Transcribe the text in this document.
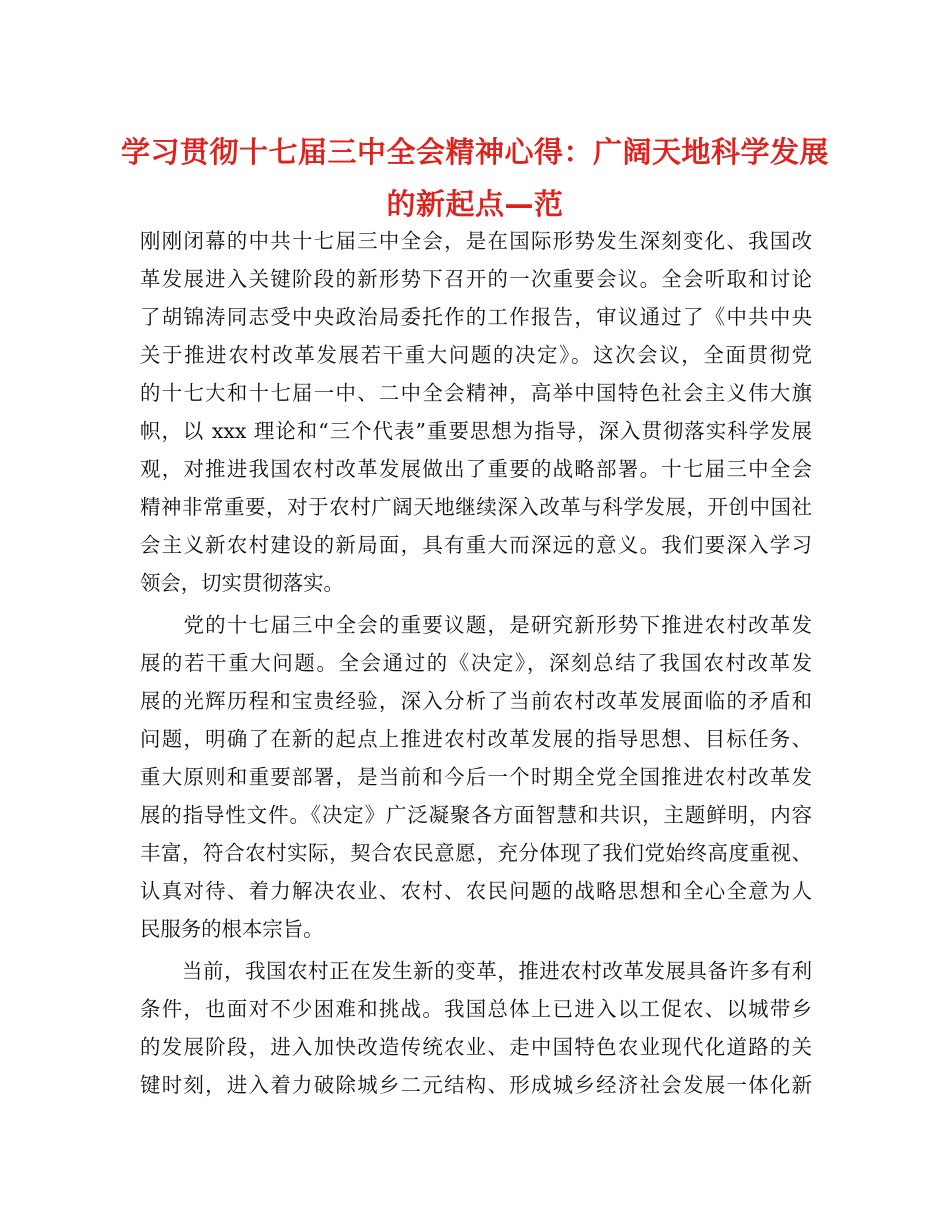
学习贯彻十七届三中全会精神心得：广阔天地科学发展
的新起点—范
刚刚闭幕的中共十七届三中全会，是在国际形势发生深刻变化、我国改
革发展进入关键阶段的新形势下召开的一次重要会议。全会听取和讨论
了胡锦涛同志受中央政治局委托作的工作报告，审议通过了《中共中央
关于推进农村改革发展若干重大问题的决定》。这次会议，全面贯彻党
的十七大和十七届一中、二中全会精神，高举中国特色社会主义伟大旗
帜，以 xxx 理论和“三个代表”重要思想为指导，深入贯彻落实科学发展
观，对推进我国农村改革发展做出了重要的战略部署。十七届三中全会
精神非常重要，对于农村广阔天地继续深入改革与科学发展，开创中国社
会主义新农村建设的新局面，具有重大而深远的意义。我们要深入学习
领会，切实贯彻落实。
　　党的十七届三中全会的重要议题，是研究新形势下推进农村改革发
展的若干重大问题。全会通过的《决定》，深刻总结了我国农村改革发
展的光辉历程和宝贵经验，深入分析了当前农村改革发展面临的矛盾和
问题，明确了在新的起点上推进农村改革发展的指导思想、目标任务、
重大原则和重要部署，是当前和今后一个时期全党全国推进农村改革发
展的指导性文件。《决定》广泛凝聚各方面智慧和共识，主题鲜明，内容
丰富，符合农村实际，契合农民意愿，充分体现了我们党始终高度重视、
认真对待、着力解决农业、农村、农民问题的战略思想和全心全意为人
民服务的根本宗旨。
　　当前，我国农村正在发生新的变革，推进农村改革发展具备许多有利
条件，也面对不少困难和挑战。我国总体上已进入以工促农、以城带乡
的发展阶段，进入加快改造传统农业、走中国特色农业现代化道路的关
键时刻，进入着力破除城乡二元结构、形成城乡经济社会发展一体化新
